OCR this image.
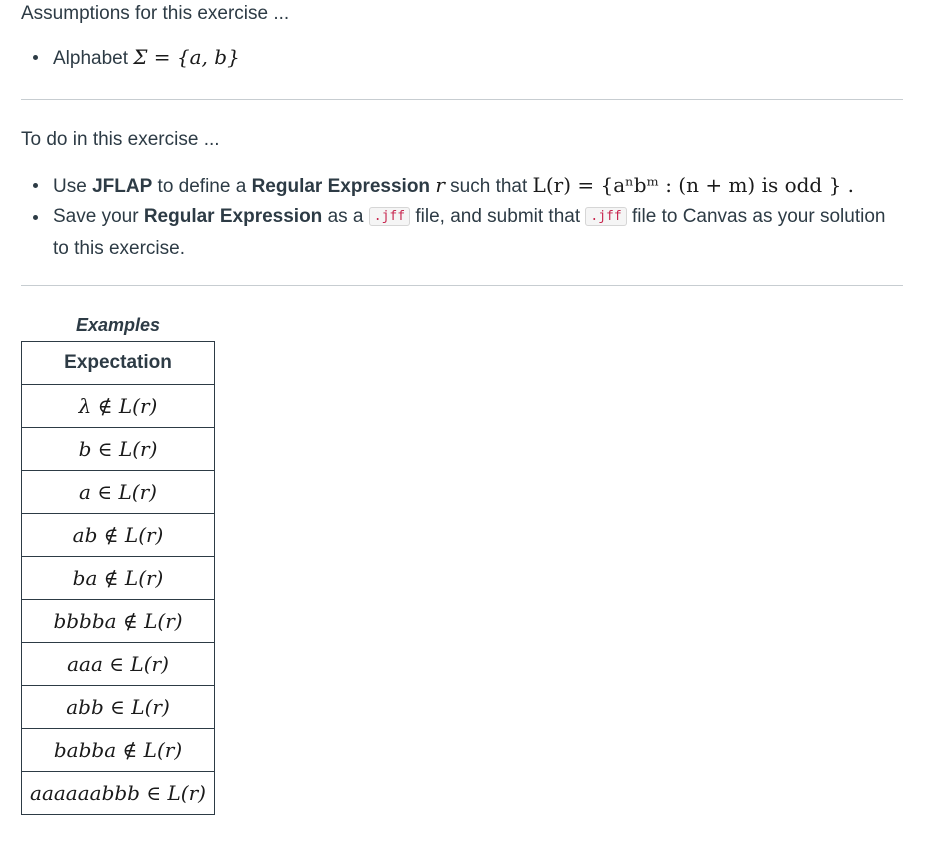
Assumptions for this exercise ...

Alphabet Σ = {a, b}

To do in this exercise ...

Use JFLAP to define a Regular Expression r such that L(r) = {aⁿbᵐ : (n + m) is odd } .
Save your Regular Expression as a .jff file, and submit that .jff file to Canvas as your solution to this exercise.
Examples
Expectation
λ ∉ L(r)
b ∈ L(r)
a ∈ L(r)
ab ∉ L(r)
ba ∉ L(r)
bbbba ∉ L(r)
aaa ∈ L(r)
abb ∈ L(r)
babba ∉ L(r)
aaaaaabbb ∈ L(r)
